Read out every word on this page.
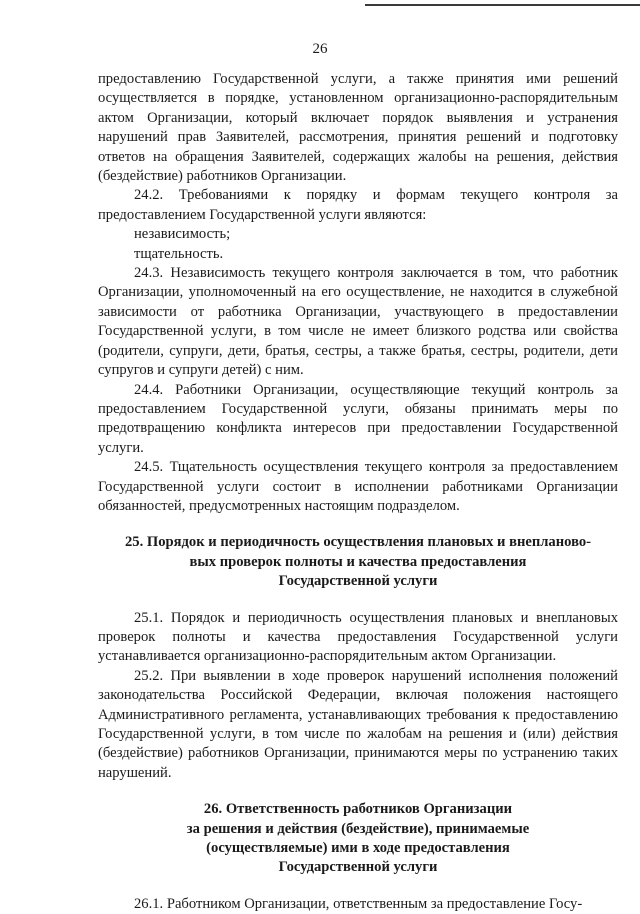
26

предоставлению Государственной услуги, а также принятия ими решений осуществляется в порядке, установленном организационно-распорядительным актом Организации, который включает порядок выявления и устранения нарушений прав Заявителей, рассмотрения, принятия решений и подготовку ответов на обращения Заявителей, содержащих жалобы на решения, действия (бездействие) работников Организации.

24.2. Требованиями к порядку и формам текущего контроля за предоставлением Государственной услуги являются:

независимость;

тщательность.

24.3. Независимость текущего контроля заключается в том, что работник Организации, уполномоченный на его осуществление, не находится в служебной зависимости от работника Организации, участвующего в предоставлении Государственной услуги, в том числе не имеет близкого родства или свойства (родители, супруги, дети, братья, сестры, а также братья, сестры, родители, дети супругов и супруги детей) с ним.

24.4. Работники Организации, осуществляющие текущий контроль за предоставлением Государственной услуги, обязаны принимать меры по предотвращению конфликта интересов при предоставлении Государственной услуги.

24.5. Тщательность осуществления текущего контроля за предоставлением Государственной услуги состоит в исполнении работниками Организации обязанностей, предусмотренных настоящим подразделом.

25. Порядок и периодичность осуществления плановых и внепланово-
вых проверок полноты и качества предоставления
Государственной услуги

25.1. Порядок и периодичность осуществления плановых и внеплановых проверок полноты и качества предоставления Государственной услуги устанавливается организационно-распорядительным актом Организации.

25.2. При выявлении в ходе проверок нарушений исполнения положений законодательства Российской Федерации, включая положения настоящего Административного регламента, устанавливающих требования к предоставлению Государственной услуги, в том числе по жалобам на решения и (или) действия (бездействие) работников Организации, принимаются меры по устранению таких нарушений.

26. Ответственность работников Организации
за решения и действия (бездействие), принимаемые
(осуществляемые) ими в ходе предоставления
Государственной услуги

26.1. Работником Организации, ответственным за предоставление Госу-
